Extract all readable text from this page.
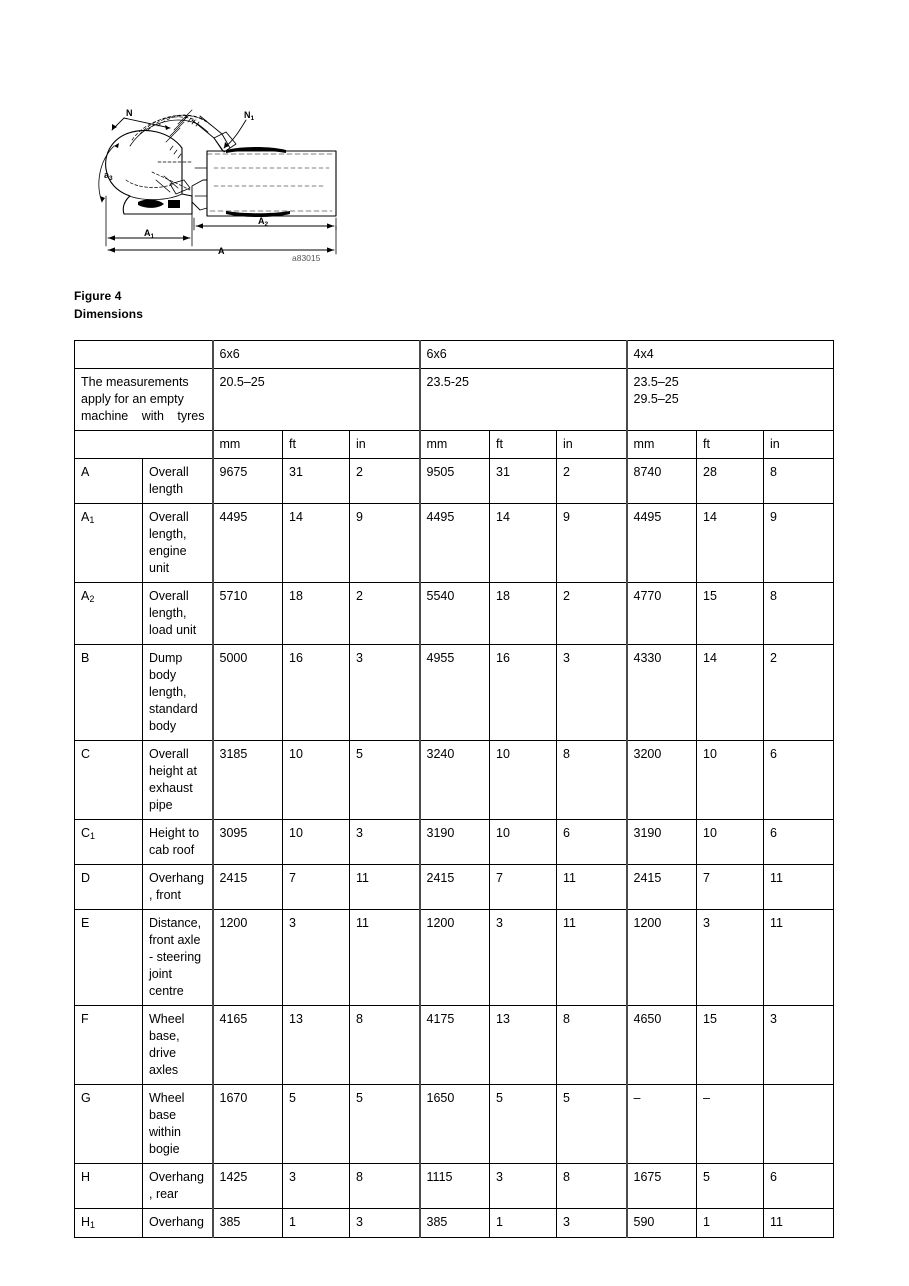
N	$N_1$
$a_3$
$A_1$
$A_2$
A
a83015
Figure 4
Dimensions
		6x6			6x6			4x4		
The measurements apply for an empty machine with tyres		20.5–25			23.5-25			23.5–25
29.5–25		

		mm	ft	in	mm	ft	in	mm	ft	in
A	Overall length	9675	31	2	9505	31	2	8740	28	8
$A_1$	Overall length, engine unit	4495	14	9	4495	14	9	4495	14	9
$A_2$	Overall length, load unit	5710	18	2	5540	18	2	4770	15	8
B	Dump body length, standard body	5000	16	3	4955	16	3	4330	14	2
C	Overall height at exhaust pipe	3185	10	5	3240	10	8	3200	10	6
$C_1$	Height to cab roof	3095	10	3	3190	10	6	3190	10	6
D	Overhang, front	2415	7	11	2415	7	11	2415	7	11
E	Distance, front axle - steering joint centre	1200	3	11	1200	3	11	1200	3	11
F	Wheel base, drive axles	4165	13	8	4175	13	8	4650	15	3
G	Wheel base within bogie	1670	5	5	1650	5	5	–	–	
H	Overhang, rear	1425	3	8	1115	3	8	1675	5	6
$H_1$	Overhang	385	1	3	385	1	3	590	1	11
